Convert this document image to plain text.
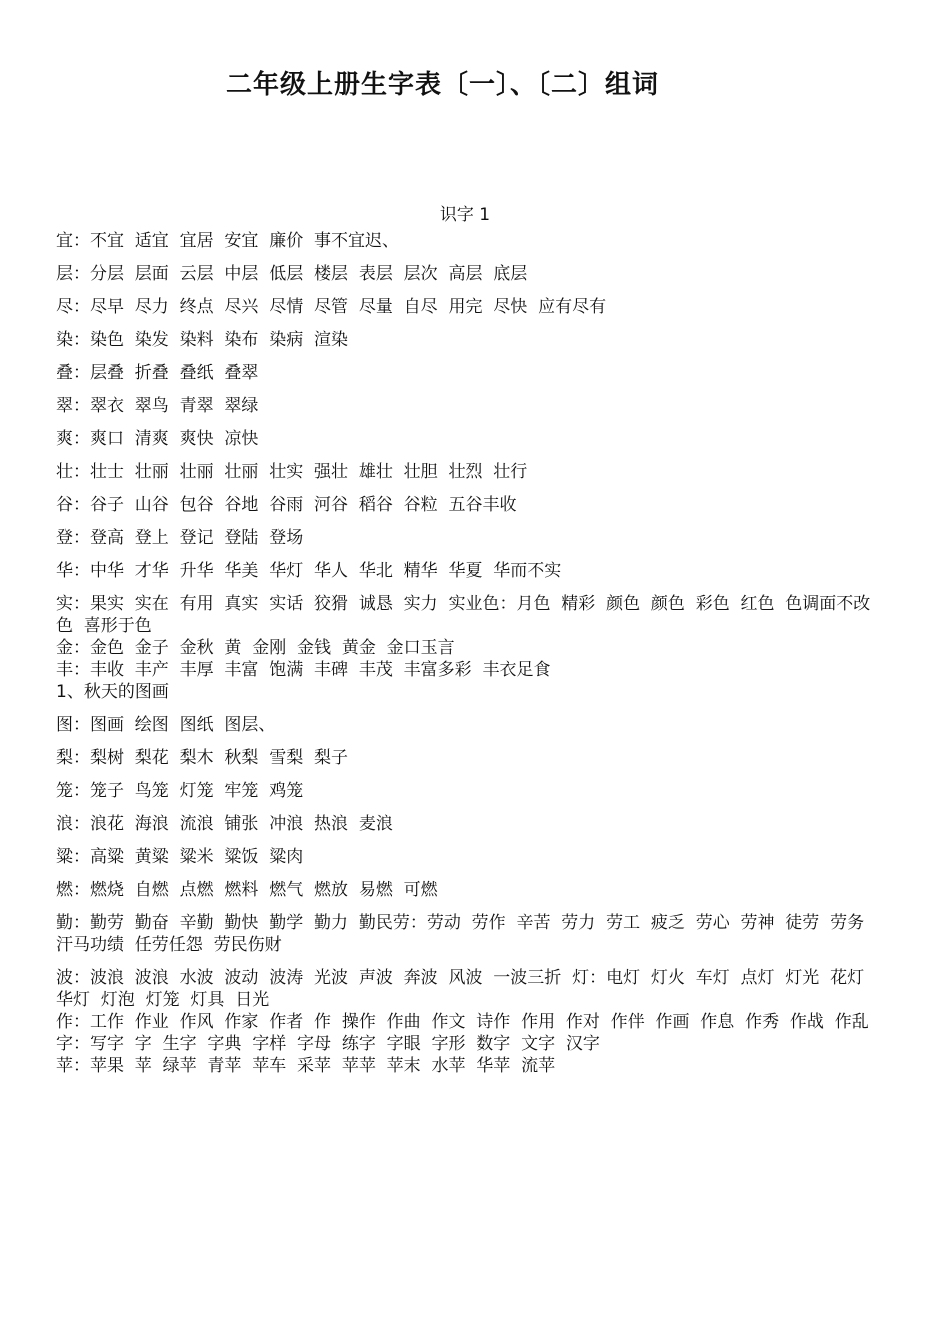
二年级上册生字表〔一〕、〔二〕组词

识字 1

宜：不宜  适宜  宜居  安宜  廉价  事不宜迟、

层：分层  层面  云层  中层  低层  楼层  表层  层次  高层  底层

尽：尽早  尽力  终点  尽兴  尽情  尽管  尽量  自尽  用完  尽快  应有尽有

染：染色  染发  染料  染布  染病  渲染

叠：层叠  折叠  叠纸  叠翠

翠：翠衣  翠鸟  青翠  翠绿

爽：爽口  清爽  爽快  凉快

壮：壮士  壮丽  壮丽  壮丽  壮实  强壮  雄壮  壮胆  壮烈  壮行

谷：谷子  山谷  包谷  谷地  谷雨  河谷  稻谷  谷粒  五谷丰收

登：登高  登上  登记  登陆  登场

华：中华  才华  升华  华美  华灯  华人  华北  精华  华夏  华而不实

实：果实  实在  有用  真实  实话  狡猾  诚恳  实力  实业色：月色  精彩  颜色  颜色  彩色  红色  色调面不改色  喜形于色

金：金色  金子  金秋  黄  金刚  金钱  黄金  金口玉言

丰：丰收  丰产  丰厚  丰富  饱满  丰碑  丰茂  丰富多彩  丰衣足食

1、秋天的图画

图：图画  绘图  图纸  图层、

梨：梨树  梨花  梨木  秋梨  雪梨  梨子

笼：笼子  鸟笼  灯笼  牢笼  鸡笼

浪：浪花  海浪  流浪  铺张  冲浪  热浪  麦浪

粱：高粱  黄粱  粱米  粱饭  粱肉

燃：燃烧  自燃  点燃  燃料  燃气  燃放  易燃  可燃

勤：勤劳  勤奋  辛勤  勤快  勤学  勤力  勤民劳：劳动  劳作  辛苦  劳力  劳工  疲乏  劳心  劳神  徒劳  劳务  汗马功绩  任劳任怨  劳民伤财

波：波浪  波浪  水波  波动  波涛  光波  声波  奔波  风波  一波三折  灯：电灯  灯火  车灯  点灯  灯光  花灯  华灯  灯泡  灯笼  灯具  日光

作：工作  作业  作风  作家  作者  作  操作  作曲  作文  诗作  作用  作对  作伴  作画  作息  作秀  作战  作乱

字：写字  字  生字  字典  字样  字母  练字  字眼  字形  数字  文字  汉字

苹：苹果  苹  绿苹  青苹  苹车  采苹  苹苹  苹末  水苹  华苹  流苹
